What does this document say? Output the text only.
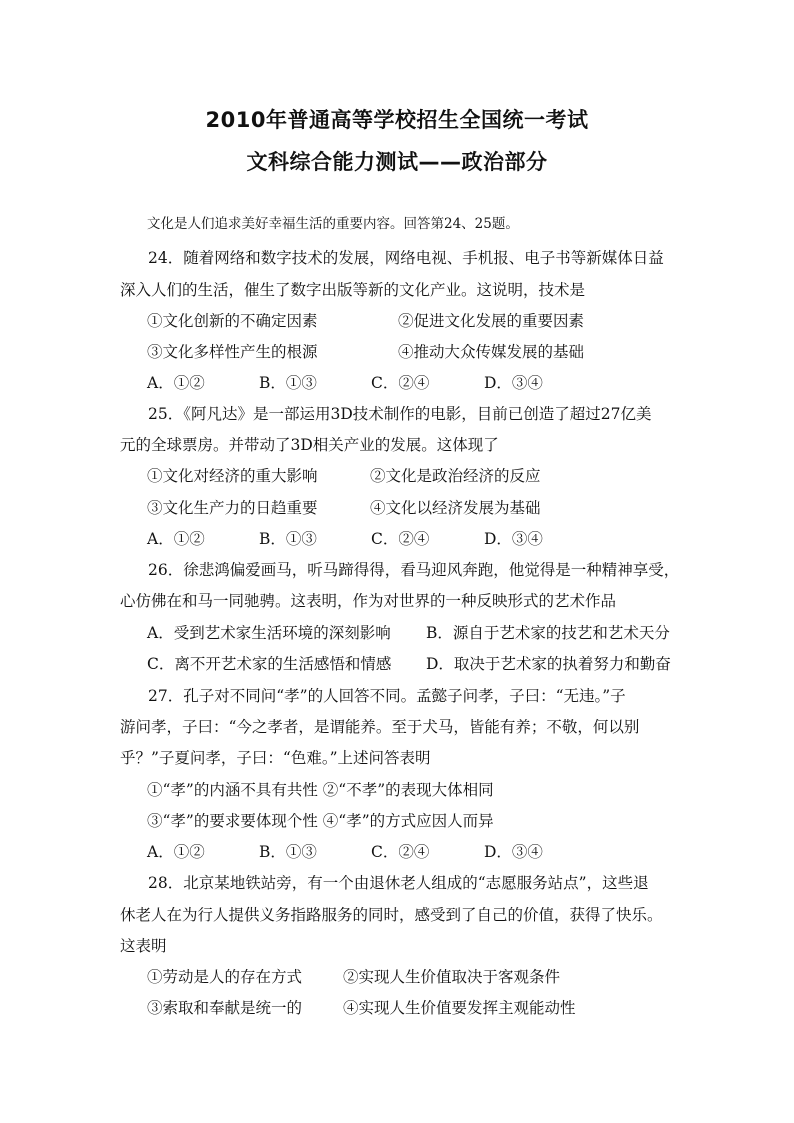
2010年普通高等学校招生全国统一考试
文科综合能力测试——政治部分
文化是人们追求美好幸福生活的重要内容。回答第24、25题。
24．随着网络和数字技术的发展，网络电视、手机报、电子书等新媒体日益
深入人们的生活，催生了数字出版等新的文化产业。这说明，技术是
①文化创新的不确定因素	②促进文化发展的重要因素
③文化多样性产生的根源	④推动大众传媒发展的基础
A．①②	B．①③	C．②④	D．③④
25．《阿凡达》是一部运用3D技术制作的电影，目前已创造了超过27亿美
元的全球票房。并带动了3D相关产业的发展。这体现了
①文化对经济的重大影响	②文化是政治经济的反应
③文化生产力的日趋重要	④文化以经济发展为基础
A．①②	B．①③	C．②④	D．③④
26．徐悲鸿偏爱画马，听马蹄得得，看马迎风奔跑，他觉得是一种精神享受，
心仿佛在和马一同驰骋。这表明，作为对世界的一种反映形式的艺术作品
A．受到艺术家生活环境的深刻影响 B．源自于艺术家的技艺和艺术天分
C．离不开艺术家的生活感悟和情感 D．取决于艺术家的执着努力和勤奋
27．孔子对不同问“孝”的人回答不同。孟懿子问孝，子曰：“无违。”子
游问孝，子曰：“今之孝者，是谓能养。至于犬马，皆能有养；不敬，何以别
乎？”子夏问孝，子曰：“色难。”上述问答表明
①“孝”的内涵不具有共性 ②“不孝”的表现大体相同
③“孝”的要求要体现个性 ④“孝”的方式应因人而异
A．①②	B．①③	C．②④	D．③④
28．北京某地铁站旁，有一个由退休老人组成的“志愿服务站点”，这些退
休老人在为行人提供义务指路服务的同时，感受到了自己的价值，获得了快乐。
这表明
①劳动是人的存在方式	②实现人生价值取决于客观条件
③索取和奉献是统一的	④实现人生价值要发挥主观能动性
